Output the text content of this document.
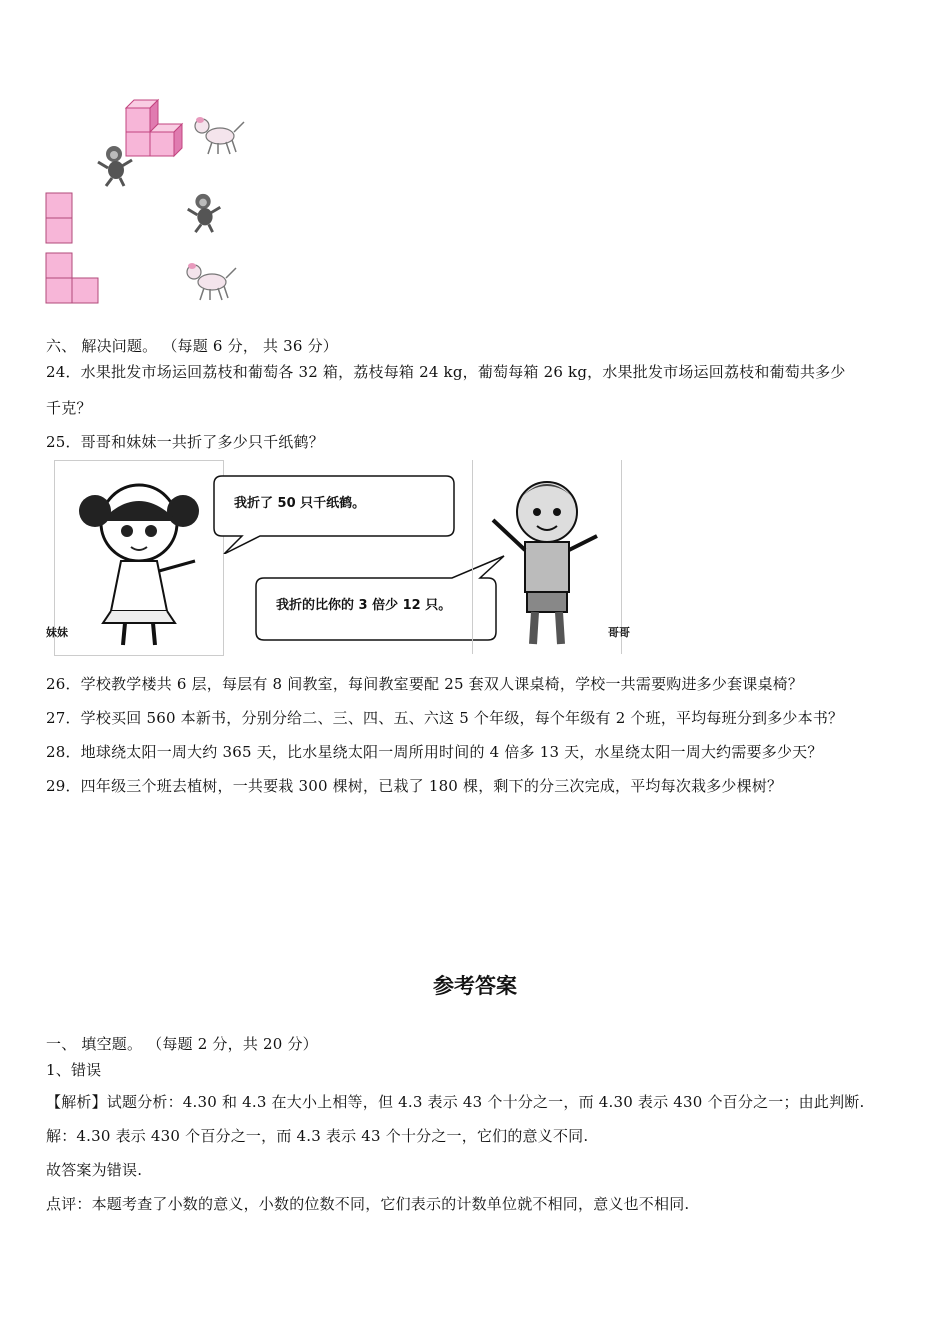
六、 解决问题。 （每题 6 分， 共 36 分）
24．水果批发市场运回荔枝和葡萄各 32 箱，荔枝每箱 24 kg，葡萄每箱 26 kg，水果批发市场运回荔枝和葡萄共多少
千克？
25．哥哥和妹妹一共折了多少只千纸鹤？
妹妹
我折了 50 只千纸鹤。
我折的比你的 3 倍少 12 只。
哥哥
26．学校教学楼共 6 层，每层有 8 间教室，每间教室要配 25 套双人课桌椅，学校一共需要购进多少套课桌椅？
27．学校买回 560 本新书，分别分给二、三、四、五、六这 5 个年级，每个年级有 2 个班，平均每班分到多少本书？
28．地球绕太阳一周大约 365 天，比水星绕太阳一周所用时间的 4 倍多 13 天，水星绕太阳一周大约需要多少天？
29．四年级三个班去植树，一共要栽 300 棵树，已栽了 180 棵，剩下的分三次完成，平均每次栽多少棵树？
参考答案
一、 填空题。 （每题 2 分，共 20 分）
1、错误
【解析】试题分析：4.30 和 4.3 在大小上相等，但 4.3 表示 43 个十分之一，而 4.30 表示 430 个百分之一；由此判断.
解：4.30 表示 430 个百分之一，而 4.3 表示 43 个十分之一，它们的意义不同.
故答案为错误.
点评：本题考查了小数的意义，小数的位数不同，它们表示的计数单位就不相同，意义也不相同.
